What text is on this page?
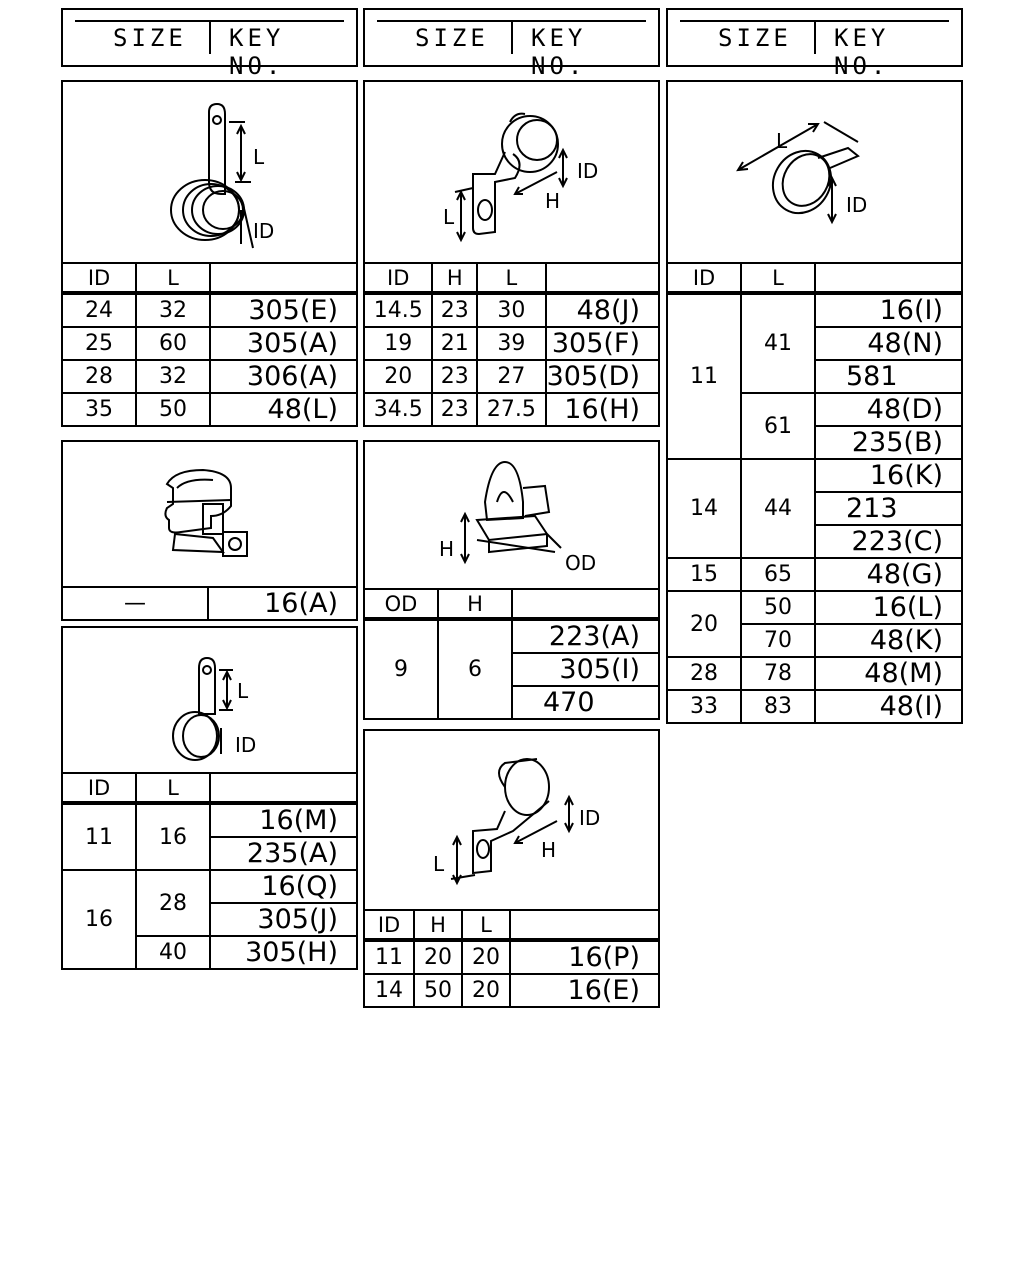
SIZE KEY NO.
SIZE KEY NO.
SIZE KEY NO.
L
ID
ID	L	
24	32	305(E)
25	60	305(A)
28	32	306(A)
35	50	48(L)
L
H
ID
ID	H	L	
14.5	23	30	48(J)
19	21	39	305(F)
20	23	27	305(D)
34.5	23	27.5	16(H)
L
ID
ID	L	
11	41	16(I)
		48(N)
		581
	61	48(D)
		235(B)
14	44	16(K)
		213
		223(C)
15	65	48(G)
20	50	16(L)
	70	48(K)
28	78	48(M)
33	83	48(I)
—	16(A)
H
OD
OD	H	
9	6	223(A)
		305(I)
		470
L
ID
ID	L	
11	16	16(M)
		235(A)
16	28	16(Q)
		305(J)
	40	305(H)
L
H
ID
ID	H	L	
11	20	20	16(P)
14	50	20	16(E)
